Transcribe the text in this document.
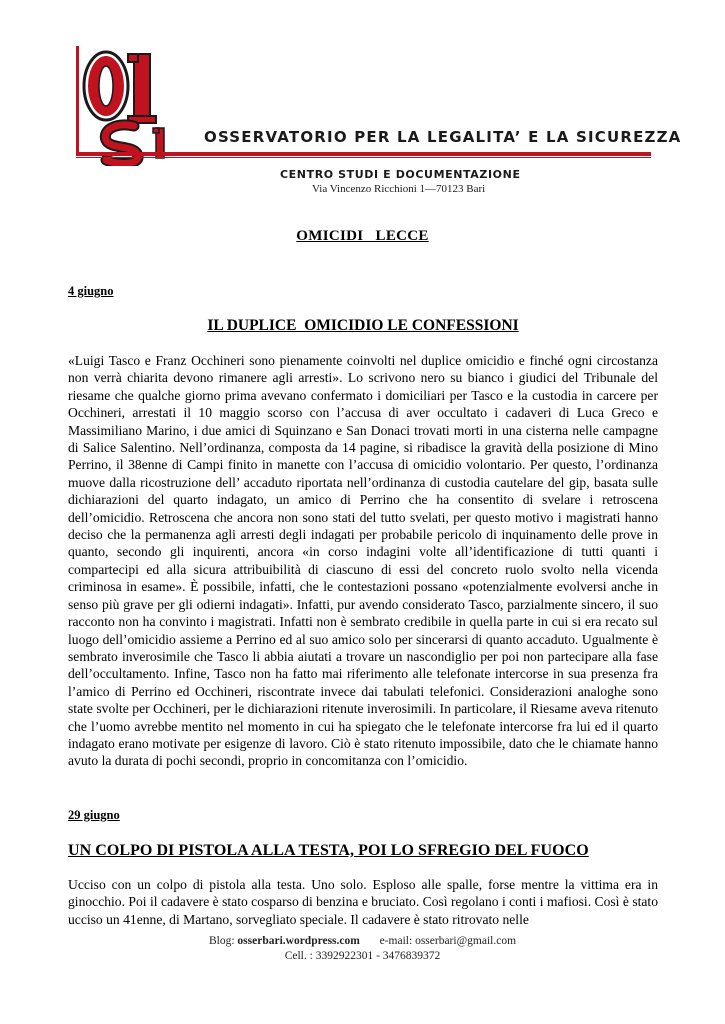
OSSERVATORIO PER LA LEGALITA’ E LA SICUREZZA
CENTRO STUDI E DOCUMENTAZIONE
Via Vincenzo Ricchioni 1—70123 Bari
OMICIDI   LECCE
4 giugno
IL DUPLICE  OMICIDIO LE CONFESSIONI
«Luigi Tasco e Franz Occhineri sono pienamente coinvolti nel duplice omicidio e finché ogni circostanza non verrà chiarita devono rimanere agli arresti». Lo scrivono nero su bianco i giudici del Tribunale del riesame che qualche giorno prima avevano confermato i domiciliari per Tasco e la custodia in carcere per Occhineri, arrestati il 10 maggio scorso con l’accusa di aver occultato i cadaveri di Luca Greco e Massimiliano Marino, i due amici di Squinzano e San Donaci trovati morti in una cisterna nelle campagne di Salice Salentino. Nell’ordinanza, composta da 14 pagine, si ribadisce la gravità della posizione di Mino Perrino, il 38enne di Campi finito in manette con l’accusa di omicidio volontario. Per questo, l’ordinanza muove dalla ricostruzione dell’ accaduto riportata nell’ordinanza di custodia cautelare del gip, basata sulle dichiarazioni del quarto indagato, un amico di Perrino che ha consentito di svelare i retroscena dell’omicidio. Retroscena che ancora non sono stati del tutto svelati, per questo motivo i magistrati hanno deciso che la permanenza agli arresti degli indagati per probabile pericolo di inquinamento delle prove in quanto, secondo gli inquirenti, ancora «in corso indagini volte all’identificazione di tutti quanti i compartecipi ed alla sicura attribuibilità di ciascuno di essi del concreto ruolo svolto nella vicenda criminosa in esame». È possibile, infatti, che le contestazioni possano «potenzialmente evolversi anche in senso più grave per gli odierni indagati». Infatti, pur avendo considerato Tasco, parzialmente sincero, il suo racconto non ha convinto i magistrati. Infatti non è sembrato credibile in quella parte in cui si era recato sul luogo dell’omicidio assieme a Perrino ed al suo amico solo per sincerarsi di quanto accaduto. Ugualmente è sembrato inverosimile che Tasco li abbia aiutati a trovare un nascondiglio per poi non partecipare alla fase dell’occultamento. Infine, Tasco non ha fatto mai riferimento alle telefonate intercorse in sua presenza fra l’amico di Perrino ed Occhineri, riscontrate invece dai tabulati telefonici. Considerazioni analoghe sono state svolte per Occhineri, per le dichiarazioni ritenute inverosimili. In particolare, il Riesame aveva ritenuto che l’uomo avrebbe mentito nel momento in cui ha spiegato che le telefonate intercorse fra lui ed il quarto indagato erano motivate per esigenze di lavoro. Ciò è stato ritenuto impossibile, dato che le chiamate hanno avuto la durata di pochi secondi, proprio in concomitanza con l’omicidio.
29 giugno
UN COLPO DI PISTOLA ALLA TESTA, POI LO SFREGIO DEL FUOCO
Ucciso con un colpo di pistola alla testa. Uno solo. Esploso alle spalle, forse mentre la vittima era in ginocchio. Poi il cadavere è stato cosparso di benzina e bruciato. Così regolano i conti i mafiosi. Così è stato ucciso un 41enne, di Martano, sorvegliato speciale. Il cadavere è stato ritrovato nelle
Blog: osserbari.wordpress.com e-mail: osserbari@gmail.com
Cell. : 3392922301 - 3476839372
